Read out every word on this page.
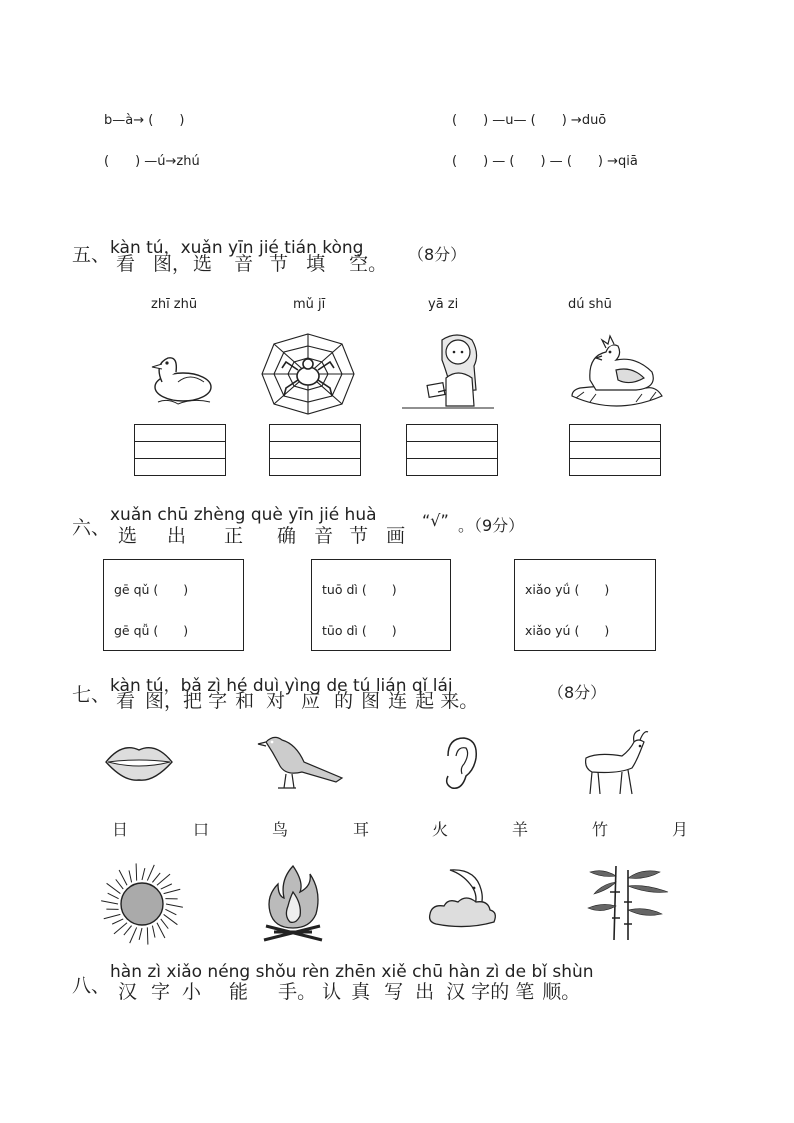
b—à→ (　　)	(　　) —u— (　　) →duō
(　　) —ú→zhú	(　　) — (　　) — (　　) →qiā
五、 kàn tú，xuǎn yīn jié tián kòng
看 图， 选 音 节 填 空。 （8分）
zhī zhū	mǔ jī	yā zi	dú shū
六、
xuǎn chū zhèng què yīn jié huà
选 出 正 确 音 节 画
“√” 。（9分）
gē qǔ (　　)
gē qǚ (　　)
tuō dì (　　)
tūo dì (　　)
xiǎo yǘ (　　)
xiǎo yú (　　)
七、 kàn tú，bǎ zì hé duì yìng de tú lián qǐ lái
看 图，把 字 和 对 应 的 图 连 起 来。	（8分）
日	口	鸟	耳	火	羊	竹	月
八、
hàn zì xiǎo néng shǒu rèn zhēn xiě chū hàn zì de bǐ shùn
汉 字 小 能 手。 认 真 写 出 汉 字的 笔 顺。
